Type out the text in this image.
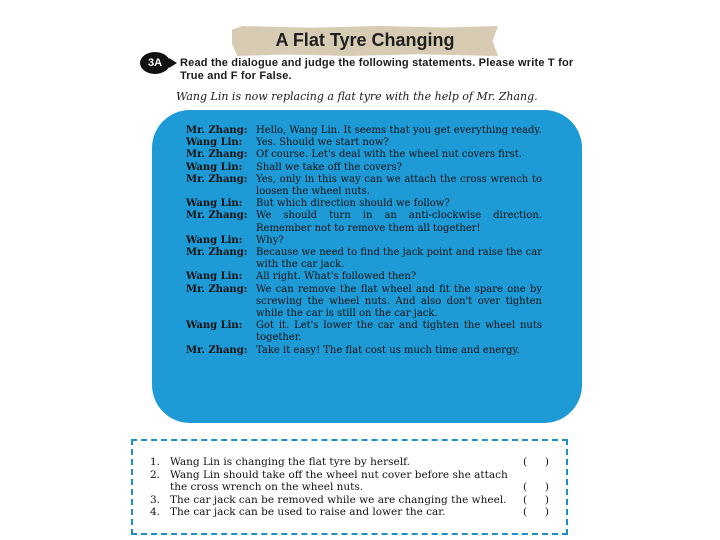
A Flat Tyre Changing
3A	Read the dialogue and judge the following statements. Please write T for True and F for False.
Wang Lin is now replacing a flat tyre with the help of Mr. Zhang.
Mr. Zhang: Hello, Wang Lin. It seems that you get everything ready.
Wang Lin: Yes. Should we start now?
Mr. Zhang: Of course. Let's deal with the wheel nut covers first.
Wang Lin: Shall we take off the covers?
Mr. Zhang: Yes, only in this way can we attach the cross wrench to loosen the wheel nuts.
Wang Lin: But which direction should we follow?
Mr. Zhang: We should turn in an anti-clockwise direction. Remember not to remove them all together!
Wang Lin: Why?
Mr. Zhang: Because we need to find the jack point and raise the car with the car jack.
Wang Lin: All right. What's followed then?
Mr. Zhang: We can remove the flat wheel and fit the spare one by screwing the wheel nuts. And also don't over tighten while the car is still on the car jack.
Wang Lin: Got it. Let's lower the car and tighten the wheel nuts together.
Mr. Zhang: Take it easy! The flat cost us much time and energy.
1. Wang Lin is changing the flat tyre by herself.	( )
2. Wang Lin should take off the wheel nut cover before she attach the cross wrench on the wheel nuts.	( )
3. The car jack can be removed while we are changing the wheel. ( )
4. The car jack can be used to raise and lower the car.	( )
